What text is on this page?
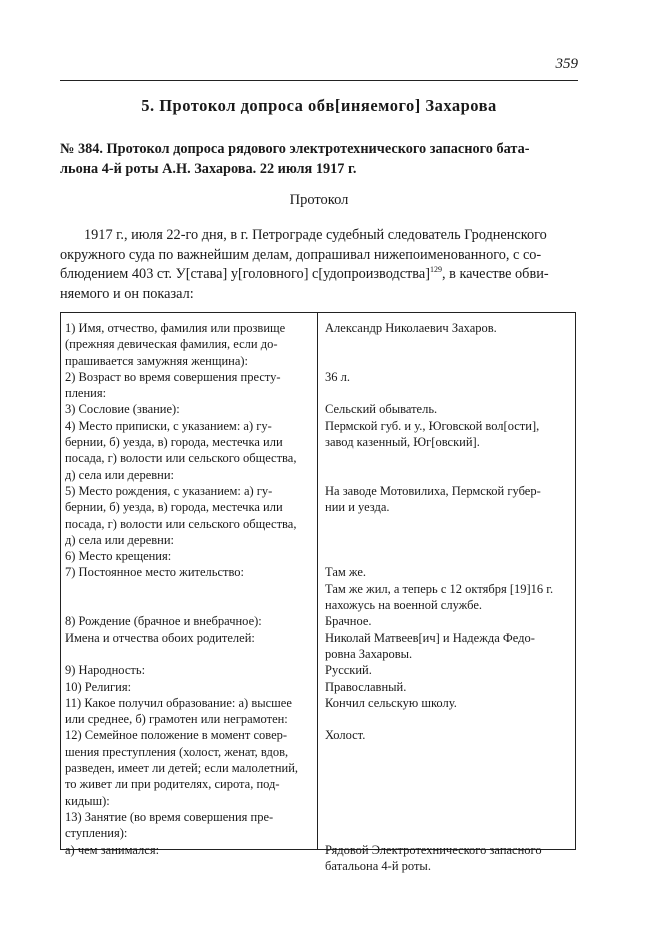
359
5. Протокол допроса обв[иняемого] Захарова
№ 384. Протокол допроса рядового электротехнического запасного бата-
льона 4-й роты А.Н. Захарова. 22 июля 1917 г.
Протокол
1917 г., июля 22-го дня, в г. Петрограде судебный следователь Гродненского
окружного суда по важнейшим делам, допрашивал нижепоименованного, с со-
блюдением 403 ст. У[става] у[головного] с[удопроизводства]$^{129}$, в качестве обви-
няемого и он показал:
1) Имя, отчество, фамилия или прозвище
(прежняя девическая фамилия, если до-
прашивается замужняя женщина):
2) Возраст во время совершения престу-
пления:
3) Сословие (звание):
4) Место приписки, с указанием: а) гу-
бернии, б) уезда, в) города, местечка или
посада, г) волости или сельского общества,
д) села или деревни:
5) Место рождения, с указанием: а) гу-
бернии, б) уезда, в) города, местечка или
посада, г) волости или сельского общества,
д) села или деревни:
6) Место крещения:
7) Постоянное место жительство:
8) Рождение (брачное и внебрачное):
Имена и отчества обоих родителей:
9) Народность:
10) Религия:
11) Какое получил образование: а) высшее
или среднее, б) грамотен или неграмотен:
12) Семейное положение в момент совер-
шения преступления (холост, женат, вдов,
разведен, имеет ли детей; если малолетний,
то живет ли при родителях, сирота, под-
кидыш):
13) Занятие (во время совершения пре-
ступления):
а) чем занимался:
Александр Николаевич Захаров.
36 л.
Сельский обыватель.
Пермской губ. и у., Юговской вол[ости],
завод казенный, Юг[овский].
На заводе Мотовилиха, Пермской губер-
нии и уезда.
Там же.
Там же жил, а теперь с 12 октября [19]16 г.
нахожусь на военной службе.
Брачное.
Николай Матвеев[ич] и Надежда Федо-
ровна Захаровы.
Русский.
Православный.
Кончил сельскую школу.
Холост.
Рядовой Электротехнического запасного
батальона 4-й роты.
